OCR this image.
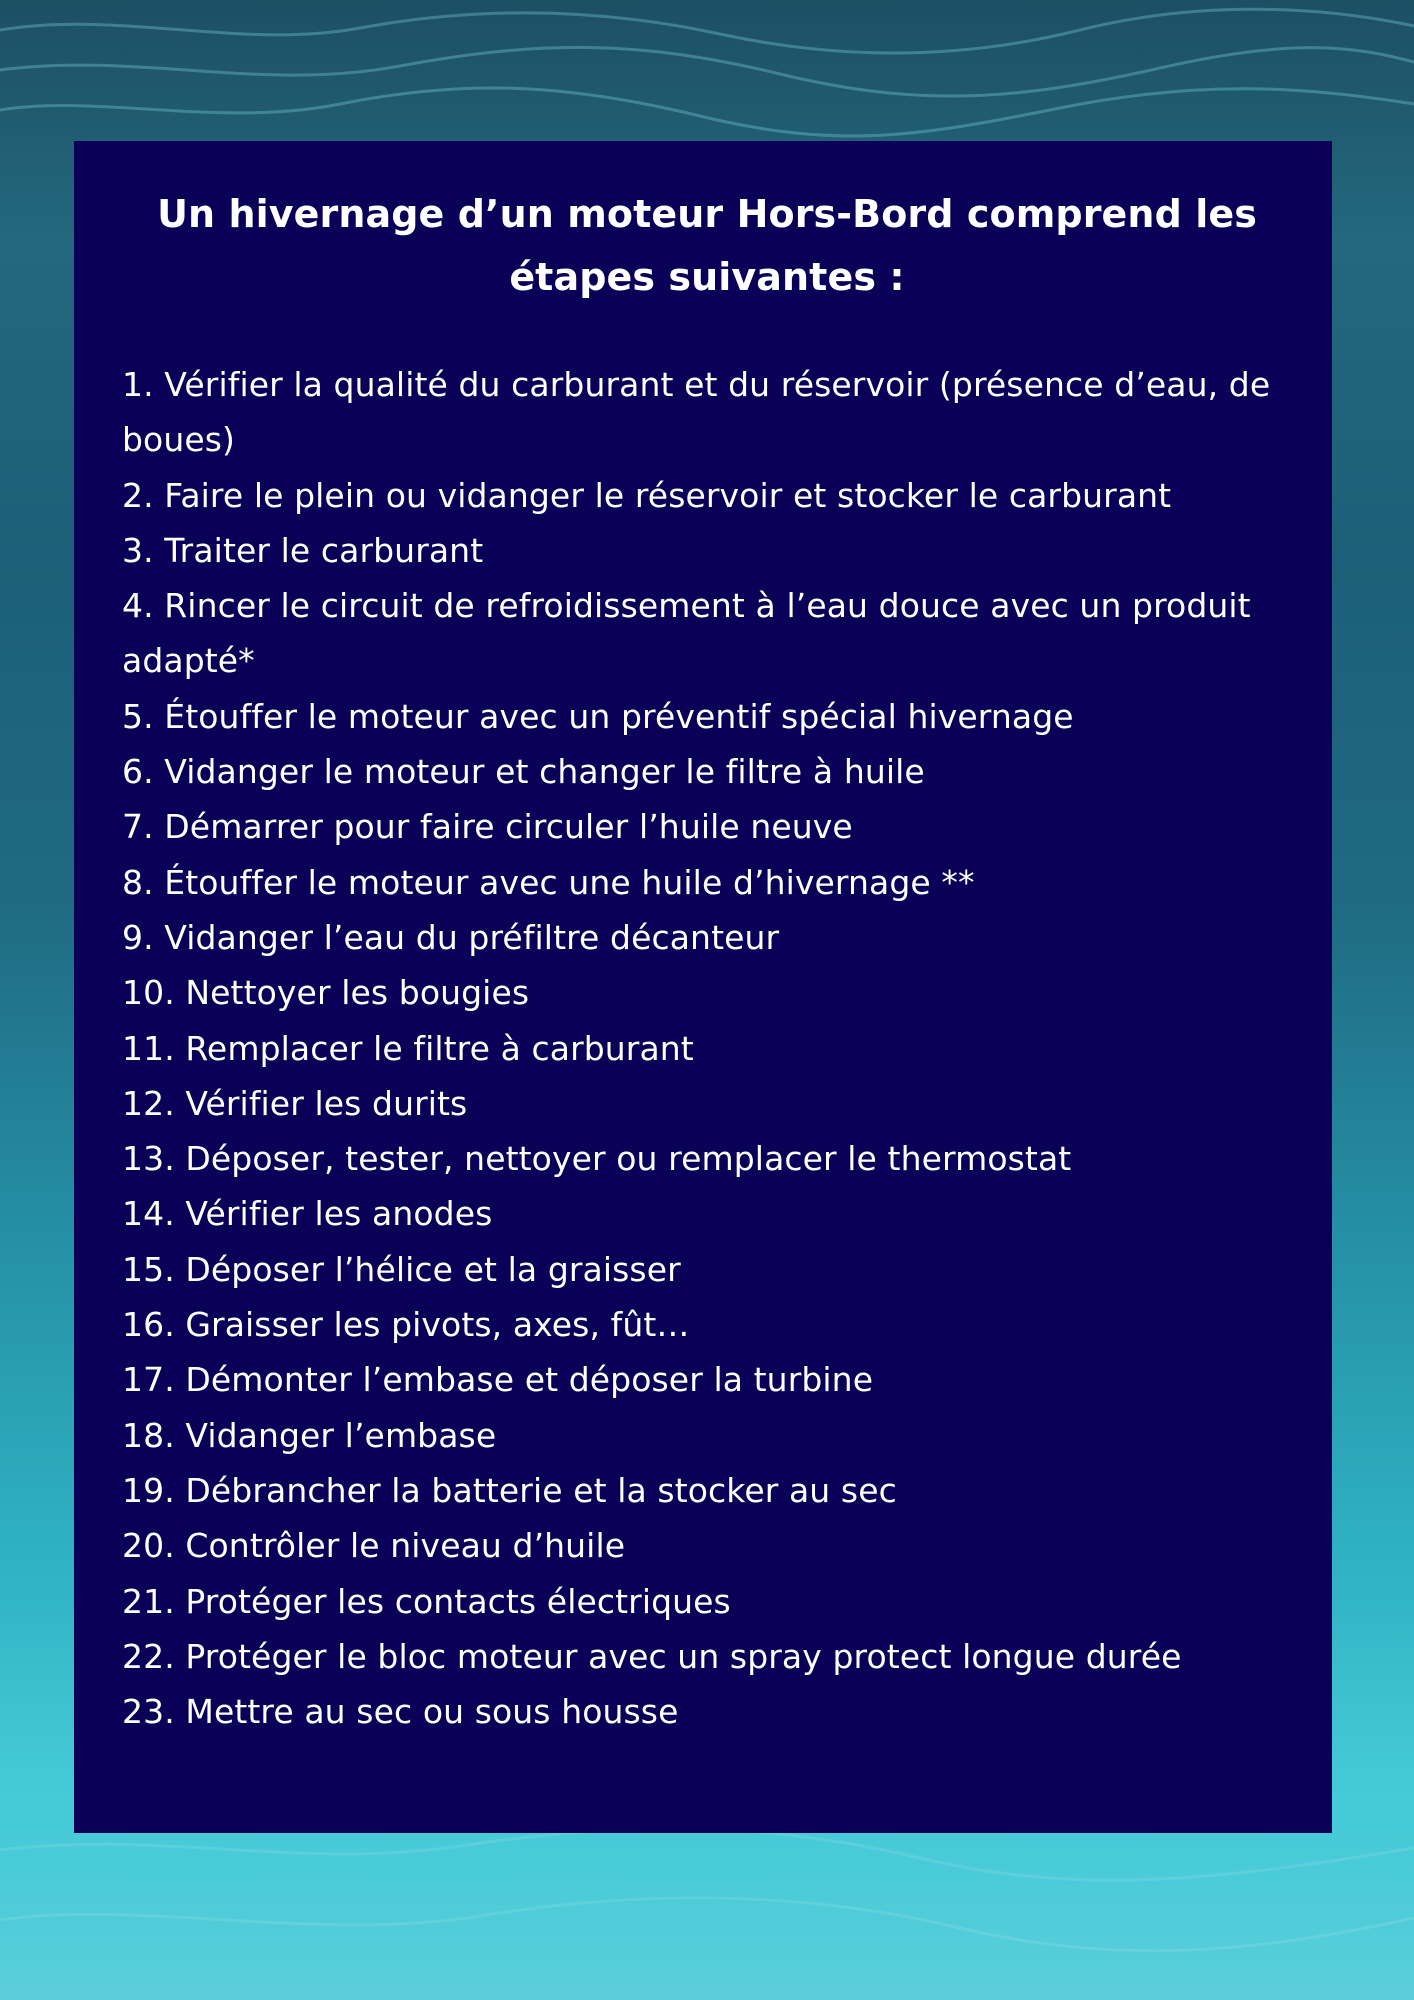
Un hivernage d’un moteur Hors-Bord comprend les étapes suivantes :
1. Vérifier la qualité du carburant et du réservoir (présence d’eau, de boues)
2. Faire le plein ou vidanger le réservoir et stocker le carburant
3. Traiter le carburant
4. Rincer le circuit de refroidissement à l’eau douce avec un produit adapté*
5. Étouffer le moteur avec un préventif spécial hivernage
6. Vidanger le moteur et changer le filtre à huile
7. Démarrer pour faire circuler l’huile neuve
8. Étouffer le moteur avec une huile d’hivernage **
9. Vidanger l’eau du préfiltre décanteur
10. Nettoyer les bougies
11. Remplacer le filtre à carburant
12. Vérifier les durits
13. Déposer, tester, nettoyer ou remplacer le thermostat
14. Vérifier les anodes
15. Déposer l’hélice et la graisser
16. Graisser les pivots, axes, fût…
17. Démonter l’embase et déposer la turbine
18. Vidanger l’embase
19. Débrancher la batterie et la stocker au sec
20. Contrôler le niveau d’huile
21. Protéger les contacts électriques
22. Protéger le bloc moteur avec un spray protect longue durée
23. Mettre au sec ou sous housse
